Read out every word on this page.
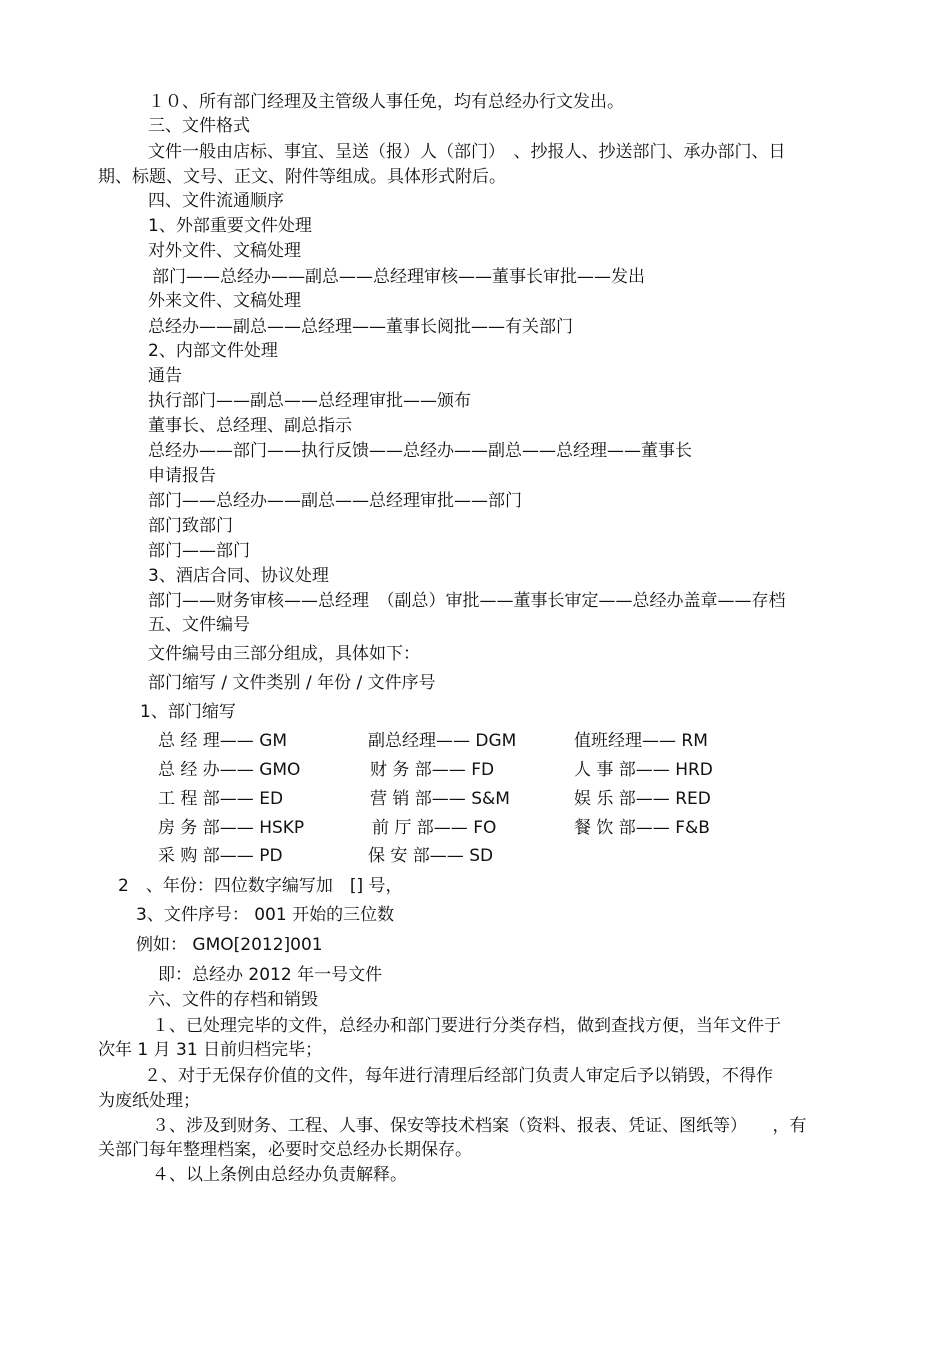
１０、所有部门经理及主管级人事任免，均有总经办行文发出。
三、文件格式
文件一般由店标、事宜、呈送（报）人（部门）　、抄报人、抄送部门、承办部门、日
期、标题、文号、正文、附件等组成。具体形式附后。
四、文件流通顺序
1、外部重要文件处理
对外文件、文稿处理
部门——总经办——副总——总经理审核——董事长审批——发出
外来文件、文稿处理
总经办——副总——总经理——董事长阅批——有关部门
2、内部文件处理
通告
执行部门——副总——总经理审批——颁布
董事长、总经理、副总指示
总经办——部门——执行反馈——总经办——副总——总经理——董事长
申请报告
部门——总经办——副总——总经理审批——部门
部门致部门
部门——部门
3、酒店合同、协议处理
部门——财务审核——总经理　（副总）审批——董事长审定——总经办盖章——存档
五、文件编号
文件编号由三部分组成，具体如下：
部门缩写 / 文件类别 / 年份 / 文件序号
1、部门缩写
总 经 理—— GM	副总经理—— DGM	值班经理—— RM
总 经 办—— GMO	财 务 部—— FD	人 事 部—— HRD
工 程 部—— ED	营 销 部—— S&M	娱 乐 部—— RED
房 务 部—— HSKP	前 厅 部—— FO	餐 饮 部—— F&B
采 购 部—— PD	保 安 部—— SD
2　、年份：四位数字编写加　[] 号，
3、文件序号： 001 开始的三位数
例如： GMO[2012]001
即：总经办 2012 年一号文件
六、文件的存档和销毁
１、已处理完毕的文件，总经办和部门要进行分类存档，做到查找方便，当年文件于
次年 1 月 31 日前归档完毕；
２、对于无保存价值的文件，每年进行清理后经部门负责人审定后予以销毁，不得作
为废纸处理；
３、涉及到财务、工程、人事、保安等技术档案（资料、报表、凭证、图纸等）　　，有
关部门每年整理档案，必要时交总经办长期保存。
４、以上条例由总经办负责解释。
